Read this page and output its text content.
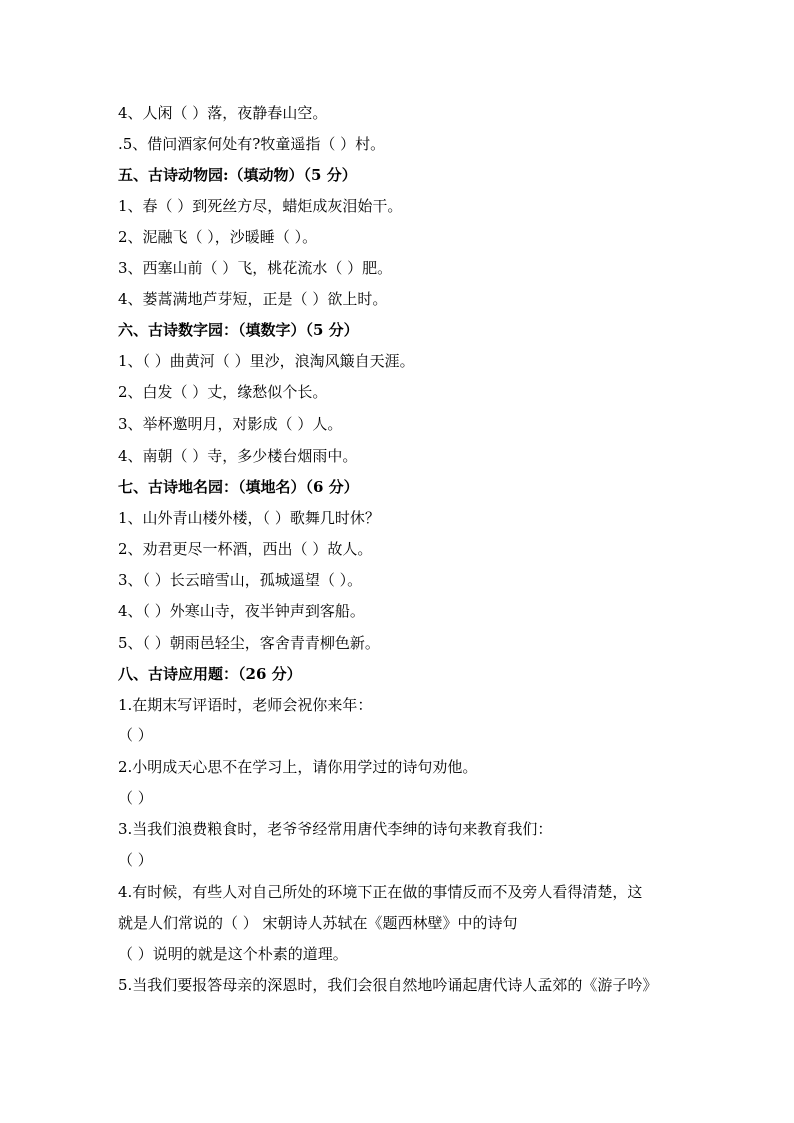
4、人闲（ ）落，夜静春山空。
.5、借问酒家何处有?牧童遥指（ ）村。
五、古诗动物园:（填动物）（5 分）
1、春（ ）到死丝方尽，蜡炬成灰泪始干。
2、泥融飞（ ），沙暖睡（ ）。
3、西塞山前（ ）飞，桃花流水（ ）肥。
4、蒌蒿满地芦芽短，正是（ ）欲上时。
六、古诗数字园：（填数字）（5 分）
1、（ ）曲黄河（ ）里沙，浪淘风簸自天涯。
2、白发（ ）丈，缘愁似个长。
3、举杯邀明月，对影成（ ）人。
4、南朝（ ）寺，多少楼台烟雨中。
七、古诗地名园：（填地名）（6 分）
1、山外青山楼外楼，（ ）歌舞几时休？
2、劝君更尽一杯酒，西出（ ）故人。
3、（ ）长云暗雪山，孤城遥望（ ）。
4、（ ）外寒山寺，夜半钟声到客船。
5、（ ）朝雨邑轻尘，客舍青青柳色新。
八、古诗应用题：（26 分）
1.在期末写评语时，老师会祝你来年：
（ ）
2.小明成天心思不在学习上，请你用学过的诗句劝他。
（ ）
3.当我们浪费粮食时，老爷爷经常用唐代李绅的诗句来教育我们：
（ ）
4.有时候，有些人对自己所处的环境下正在做的事情反而不及旁人看得清楚，这
就是人们常说的（ ） 宋朝诗人苏轼在《题西林壁》中的诗句
（ ）说明的就是这个朴素的道理。
5.当我们要报答母亲的深恩时，我们会很自然地吟诵起唐代诗人孟郊的《游子吟》
